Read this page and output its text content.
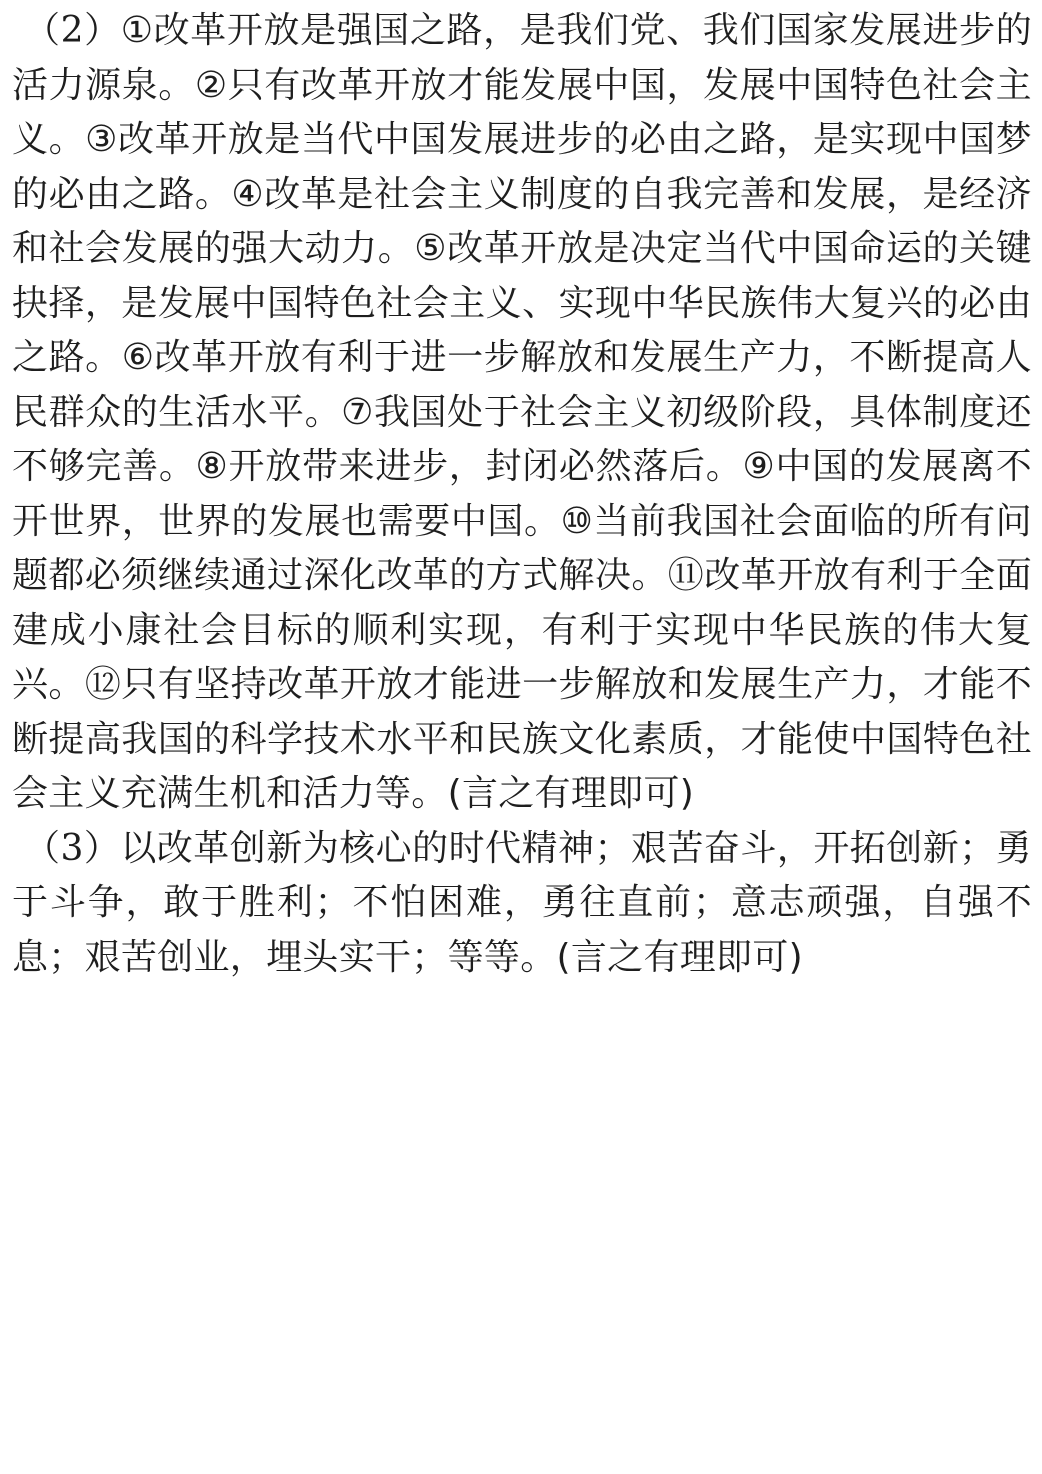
（2）①改革开放是强国之路，是我们党、我们国家发展进步的活力源泉。②只有改革开放才能发展中国，发展中国特色社会主义。③改革开放是当代中国发展进步的必由之路，是实现中国梦的必由之路。④改革是社会主义制度的自我完善和发展，是经济和社会发展的强大动力。⑤改革开放是决定当代中国命运的关键抉择，是发展中国特色社会主义、实现中华民族伟大复兴的必由之路。⑥改革开放有利于进一步解放和发展生产力，不断提高人民群众的生活水平。⑦我国处于社会主义初级阶段，具体制度还不够完善。⑧开放带来进步，封闭必然落后。⑨中国的发展离不开世界，世界的发展也需要中国。⑩当前我国社会面临的所有问题都必须继续通过深化改革的方式解决。⑪改革开放有利于全面建成小康社会目标的顺利实现，有利于实现中华民族的伟大复兴。⑫只有坚持改革开放才能进一步解放和发展生产力，才能不断提高我国的科学技术水平和民族文化素质，才能使中国特色社会主义充满生机和活力等。(言之有理即可)

（3）以改革创新为核心的时代精神；艰苦奋斗，开拓创新；勇于斗争，敢于胜利；不怕困难，勇往直前；意志顽强，自强不息；艰苦创业，埋头实干；等等。(言之有理即可)
